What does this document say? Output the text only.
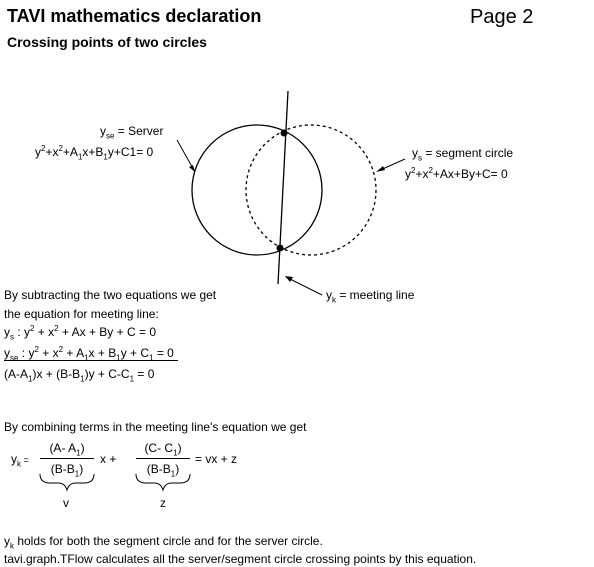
TAVI mathematics declaration	Page 2
Crossing points of two circles
$y_{se}$ = Server
$y^2+x^2+A_1x+B_1y+C1= 0$	$y_s$ = segment circle
$y^2+x^2+Ax+By+C= 0$
$y_k$ = meeting line
By subtracting the two equations we get
the equation for meeting line:
$y_s$ : $y^2 + x^2 + Ax + By + C = 0$
$y_{se}$ : $y^2 + x^2 + A_1x + B_1y + C_1 = 0$
$(A-A_1)x + (B-B_1)y + C-C_1 = 0$
By combining terms in the meeting line's equation we get
$y_k$ =
(A- $A_1$)
$(B-B_1)$
x +
(C- $C_1$)
$(B-B_1)$
= vx + z
v	z
$y_k$ holds for both the segment circle and for the server circle.
tavi.graph.TFlow calculates all the server/segment circle crossing points by this equation.
